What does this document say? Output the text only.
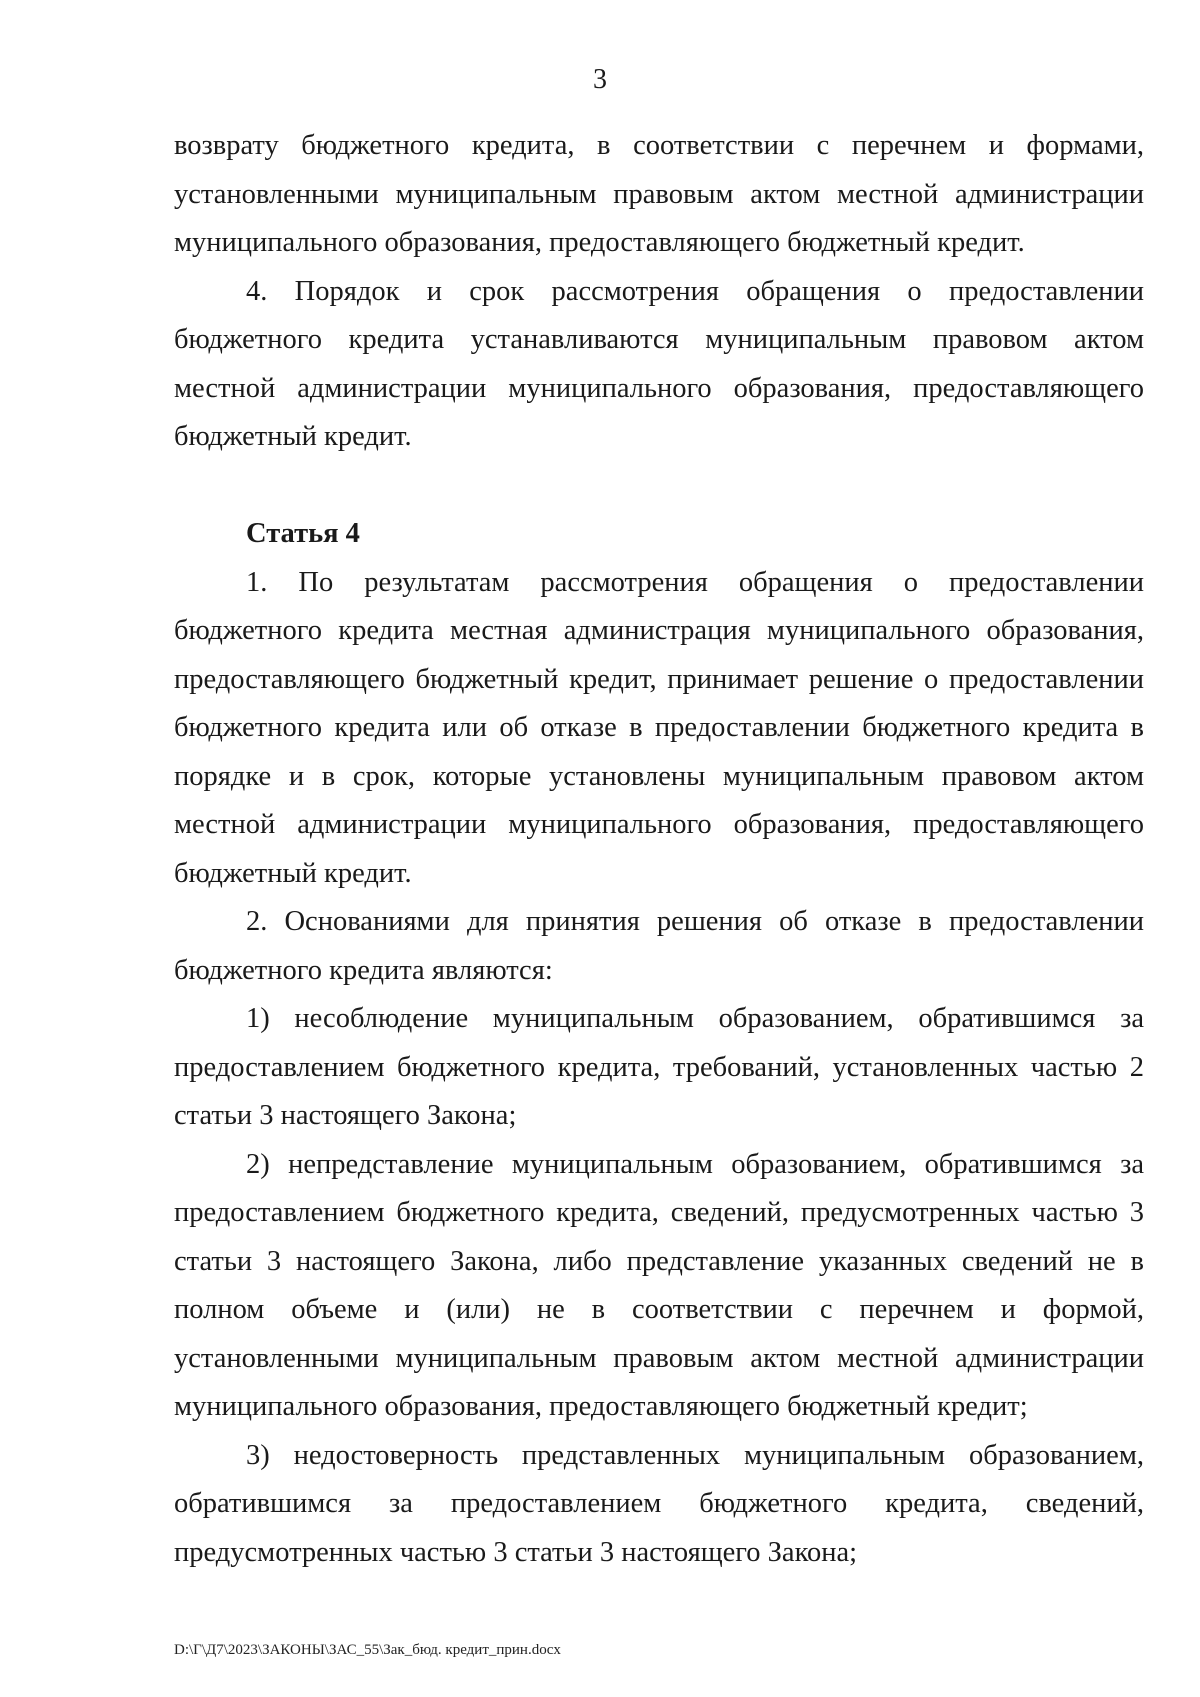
3

возврату бюджетного кредита, в соответствии с перечнем и формами, установленными муниципальным правовым актом местной администрации муниципального образования, предоставляющего бюджетный кредит.

4. Порядок и срок рассмотрения обращения о предоставлении бюджетного кредита устанавливаются муниципальным правовом актом местной администрации муниципального образования, предоставляющего бюджетный кредит.

Статья 4

1. По результатам рассмотрения обращения о предоставлении бюджетного кредита местная администрация муниципального образования, предоставляющего бюджетный кредит, принимает решение о предоставлении бюджетного кредита или об отказе в предоставлении бюджетного кредита в порядке и в срок, которые установлены муниципальным правовом актом местной администрации муниципального образования, предоставляющего бюджетный кредит.

2. Основаниями для принятия решения об отказе в предоставлении бюджетного кредита являются:

1) несоблюдение муниципальным образованием, обратившимся за предоставлением бюджетного кредита, требований, установленных частью 2 статьи 3 настоящего Закона;

2) непредставление муниципальным образованием, обратившимся за предоставлением бюджетного кредита, сведений, предусмотренных частью 3 статьи 3 настоящего Закона, либо представление указанных сведений не в полном объеме и (или) не в соответствии с перечнем и формой, установленными муниципальным правовым актом местной администрации муниципального образования, предоставляющего бюджетный кредит;

3) недостоверность представленных муниципальным образованием, обратившимся за предоставлением бюджетного кредита, сведений, предусмотренных частью 3 статьи 3 настоящего Закона;

D:\Г\Д7\2023\ЗАКОНЫ\ЗАС_55\Зак_бюд. кредит_прин.docx
